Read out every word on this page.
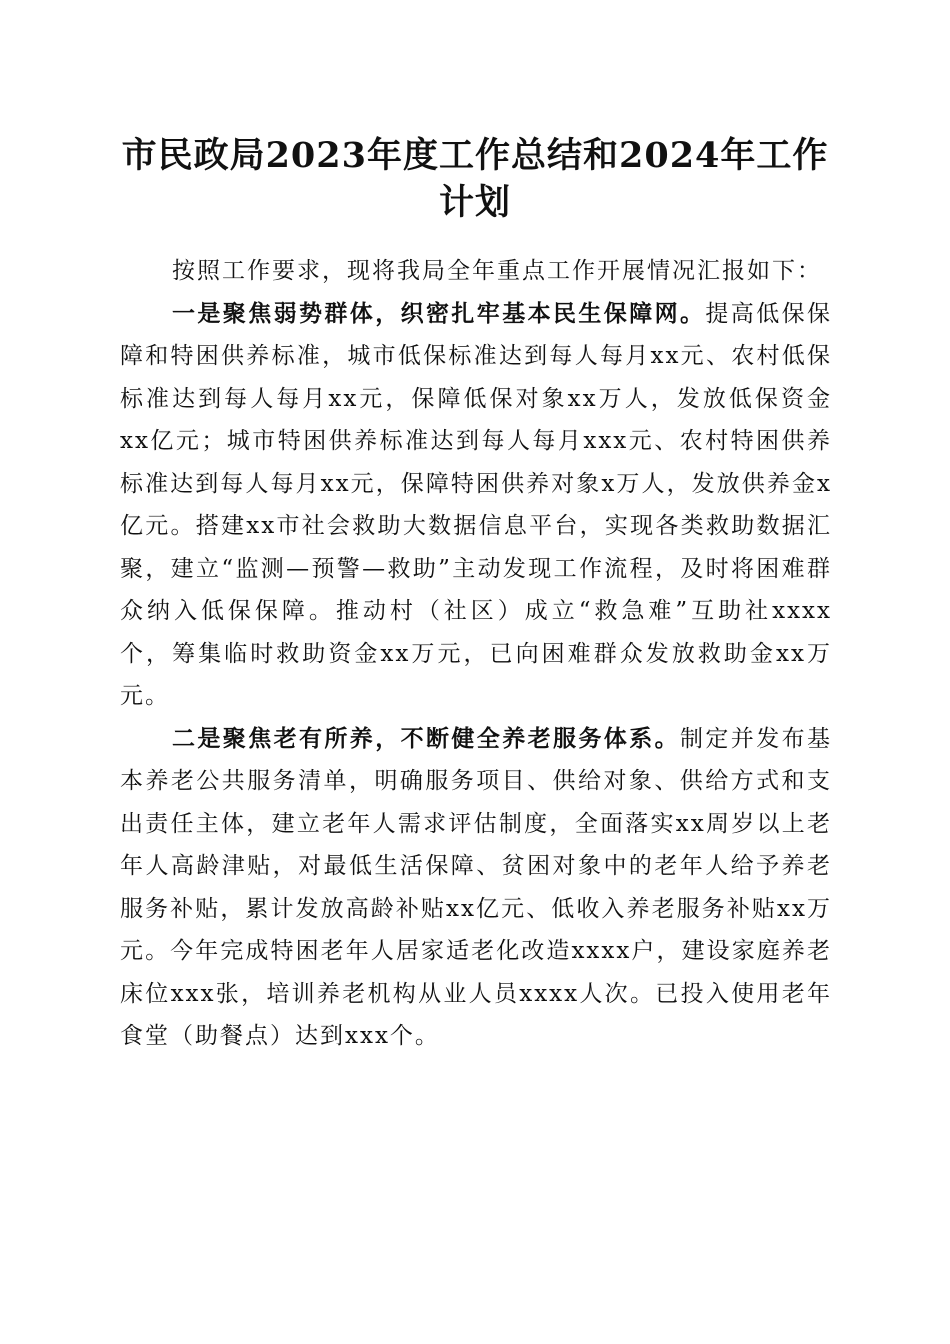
市民政局2023年度工作总结和2024年工作计划

按照工作要求，现将我局全年重点工作开展情况汇报如下：

一是聚焦弱势群体，织密扎牢基本民生保障网。提高低保保障和特困供养标准，城市低保标准达到每人每月xx元、农村低保标准达到每人每月xx元，保障低保对象xx万人，发放低保资金xx亿元；城市特困供养标准达到每人每月xxx元、农村特困供养标准达到每人每月xx元，保障特困供养对象x万人，发放供养金x亿元。搭建xx市社会救助大数据信息平台，实现各类救助数据汇聚，建立“监测—预警—救助”主动发现工作流程，及时将困难群众纳入低保保障。推动村（社区）成立“救急难”互助社xxxx个，筹集临时救助资金xx万元，已向困难群众发放救助金xx万元。

二是聚焦老有所养，不断健全养老服务体系。制定并发布基本养老公共服务清单，明确服务项目、供给对象、供给方式和支出责任主体，建立老年人需求评估制度，全面落实xx周岁以上老年人高龄津贴，对最低生活保障、贫困对象中的老年人给予养老服务补贴，累计发放高龄补贴xx亿元、低收入养老服务补贴xx万元。今年完成特困老年人居家适老化改造xxxx户，建设家庭养老床位xxx张，培训养老机构从业人员xxxx人次。已投入使用老年食堂（助餐点）达到xxx个。
